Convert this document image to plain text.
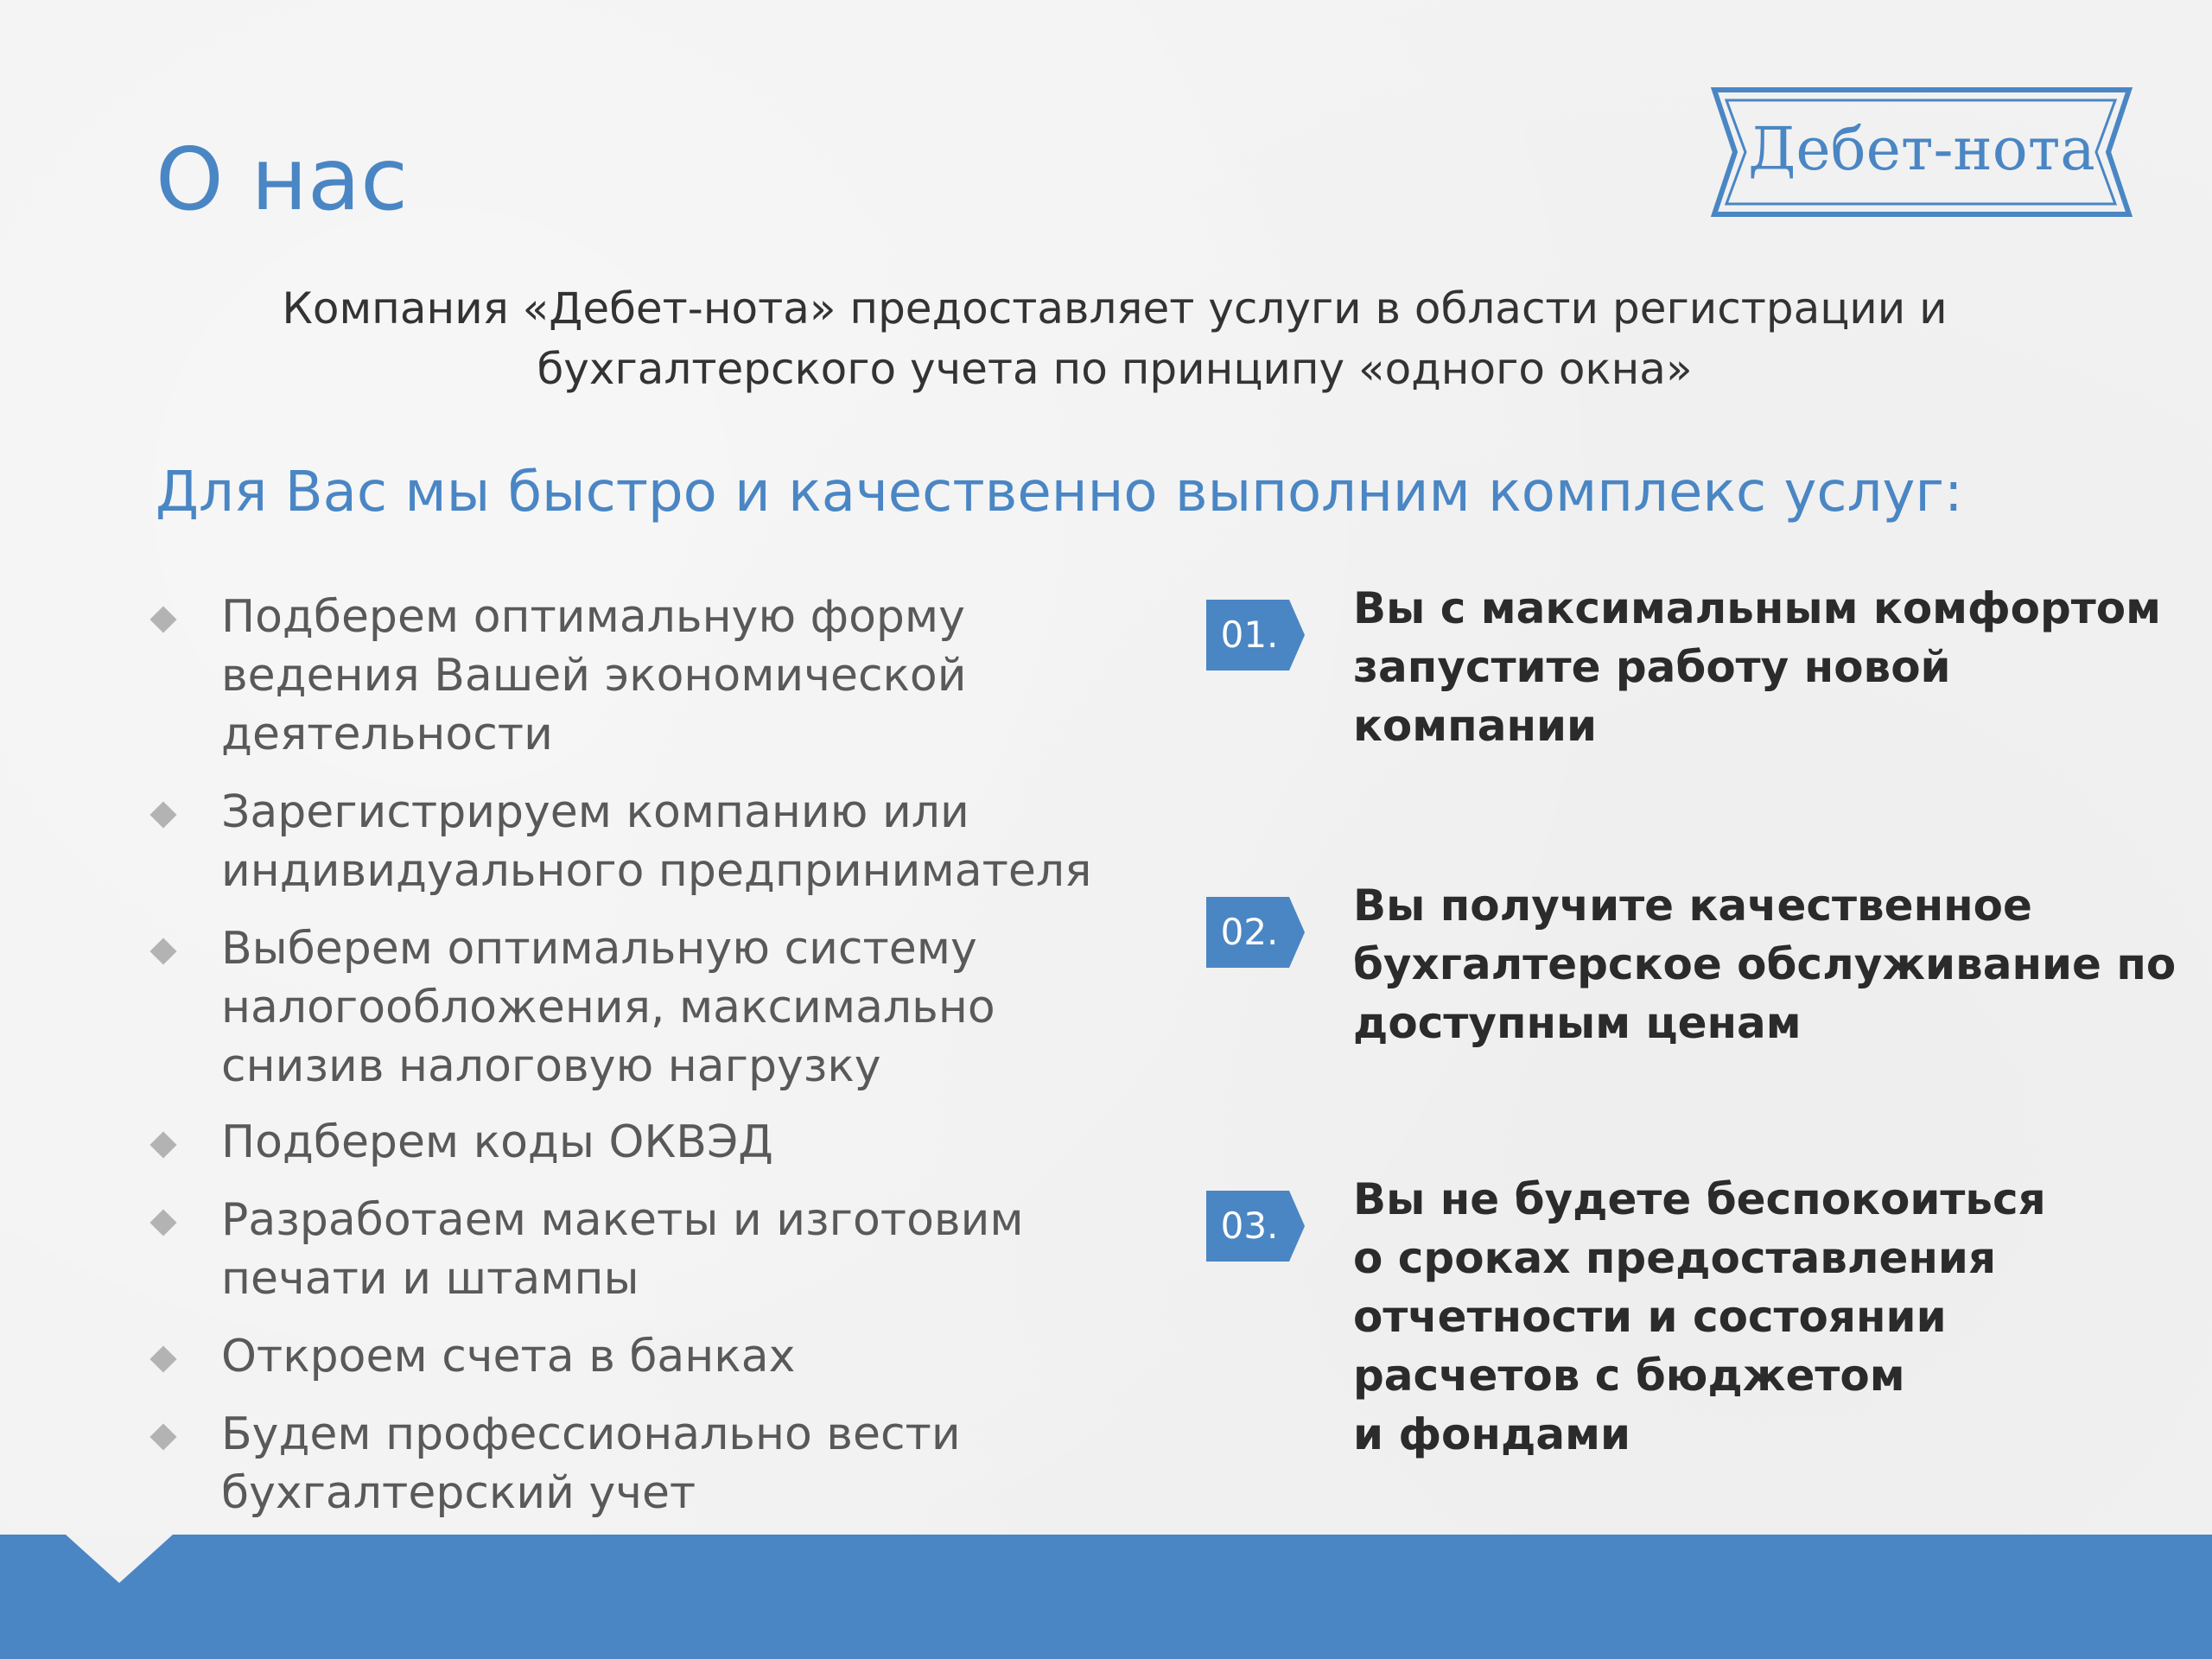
О нас	Дебет-нота
Компания «Дебет-нота» предоставляет услуги в области регистрации и
бухгалтерского учета по принципу «одного окна»
Для Вас мы быстро и качественно выполним комплекс услуг:
Подберем оптимальную форму
ведения Вашей экономической
деятельности
Зарегистрируем компанию или
индивидуального предпринимателя
Выберем оптимальную систему
налогообложения, максимально
снизив налоговую нагрузку
Подберем коды ОКВЭД
Разработаем макеты и изготовим
печати и штампы
Откроем счета в банках
Будем профессионально вести
бухгалтерский учет
01.
Вы с максимальным комфортом
запустите работу новой
компании
02.
Вы получите качественное
бухгалтерское обслуживание по
доступным ценам
03.
Вы не будете беспокоиться
о сроках предоставления
отчетности и состоянии
расчетов с бюджетом
и фондами
